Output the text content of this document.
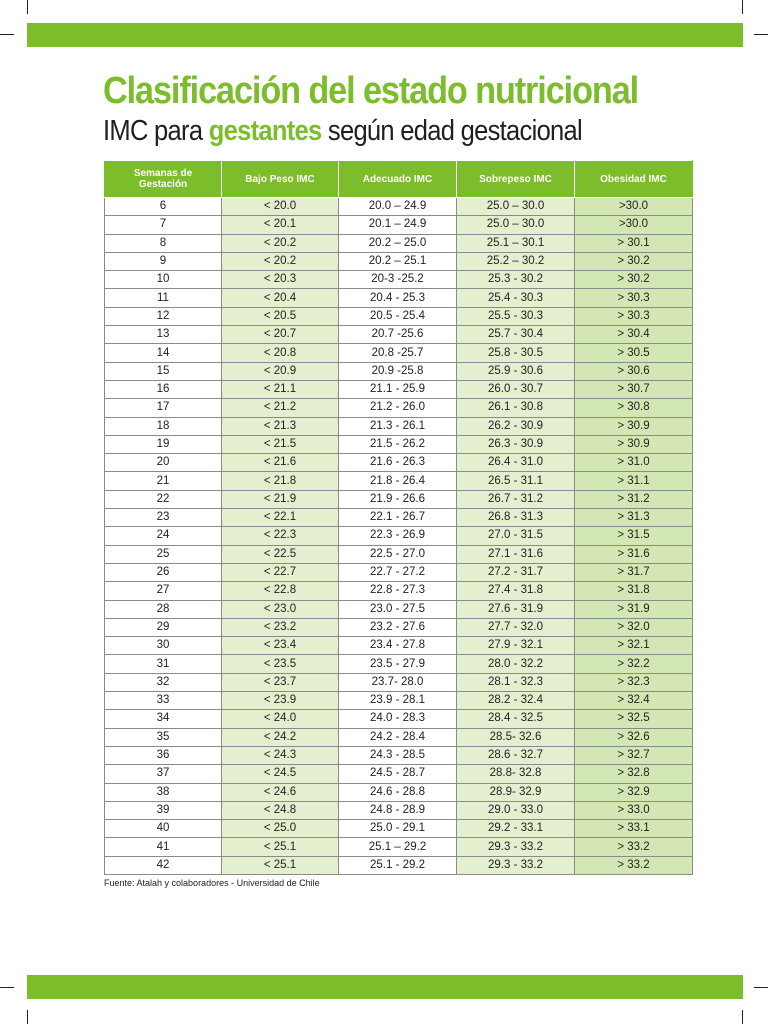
Clasificación del estado nutricional
IMC para gestantes según edad gestacional
Semanas de Gestación	Bajo Peso IMC	Adecuado IMC	Sobrepeso IMC	Obesidad IMC
6	< 20.0	20.0 – 24.9	25.0 – 30.0	>30.0
7	< 20.1	20.1 – 24.9	25.0 – 30.0	>30.0
8	< 20.2	20.2 – 25.0	25.1 – 30.1	> 30.1
9	< 20.2	20.2 – 25.1	25.2 – 30.2	> 30.2
10	< 20.3	20-3 -25.2	25.3 - 30.2	> 30.2
11	< 20.4	20.4 - 25.3	25.4 - 30.3	> 30.3
12	< 20.5	20.5 - 25.4	25.5 - 30.3	> 30.3
13	< 20.7	20.7 -25.6	25.7 - 30.4	> 30.4
14	< 20.8	20.8 -25.7	25.8 - 30.5	> 30.5
15	< 20.9	20.9 -25.8	25.9 - 30.6	> 30.6
16	< 21.1	21.1 - 25.9	26.0 - 30.7	> 30.7
17	< 21.2	21.2 - 26.0	26.1 - 30.8	> 30.8
18	< 21.3	21.3 - 26.1	26.2 - 30.9	> 30.9
19	< 21.5	21.5 - 26.2	26.3 - 30.9	> 30.9
20	< 21.6	21.6 - 26.3	26.4 - 31.0	> 31.0
21	< 21.8	21.8 - 26.4	26.5 - 31.1	> 31.1
22	< 21.9	21.9 - 26.6	26.7 - 31.2	> 31.2
23	< 22.1	22.1 - 26.7	26.8 - 31.3	> 31.3
24	< 22.3	22.3 - 26.9	27.0 - 31.5	> 31.5
25	< 22.5	22.5 - 27.0	27.1 - 31.6	> 31.6
26	< 22.7	22.7 - 27.2	27.2 - 31.7	> 31.7
27	< 22.8	22.8 - 27.3	27.4 - 31.8	> 31.8
28	< 23.0	23.0 - 27.5	27.6 - 31.9	> 31.9
29	< 23.2	23.2 - 27.6	27.7 - 32.0	> 32.0
30	< 23.4	23.4 - 27.8	27.9 - 32.1	> 32.1
31	< 23.5	23.5 - 27.9	28.0 - 32.2	> 32.2
32	< 23.7	23.7- 28.0	28.1 - 32.3	> 32.3
33	< 23.9	23.9 - 28.1	28.2 - 32.4	> 32.4
34	< 24.0	24.0 - 28.3	28.4 - 32.5	> 32.5
35	< 24.2	24.2 - 28.4	28.5- 32.6	> 32.6
36	< 24.3	24.3 - 28.5	28.6 - 32.7	> 32.7
37	< 24.5	24.5 - 28.7	28.8- 32.8	> 32.8
38	< 24.6	24.6 - 28.8	28.9- 32.9	> 32.9
39	< 24.8	24.8 - 28.9	29.0 - 33.0	> 33.0
40	< 25.0	25.0 - 29.1	29.2 - 33.1	> 33.1
41	< 25.1	25.1 – 29.2	29.3 - 33.2	> 33.2
42	< 25.1	25.1 - 29.2	29.3 - 33.2	> 33.2
Fuente: Atalah y colaboradores - Universidad de Chile
